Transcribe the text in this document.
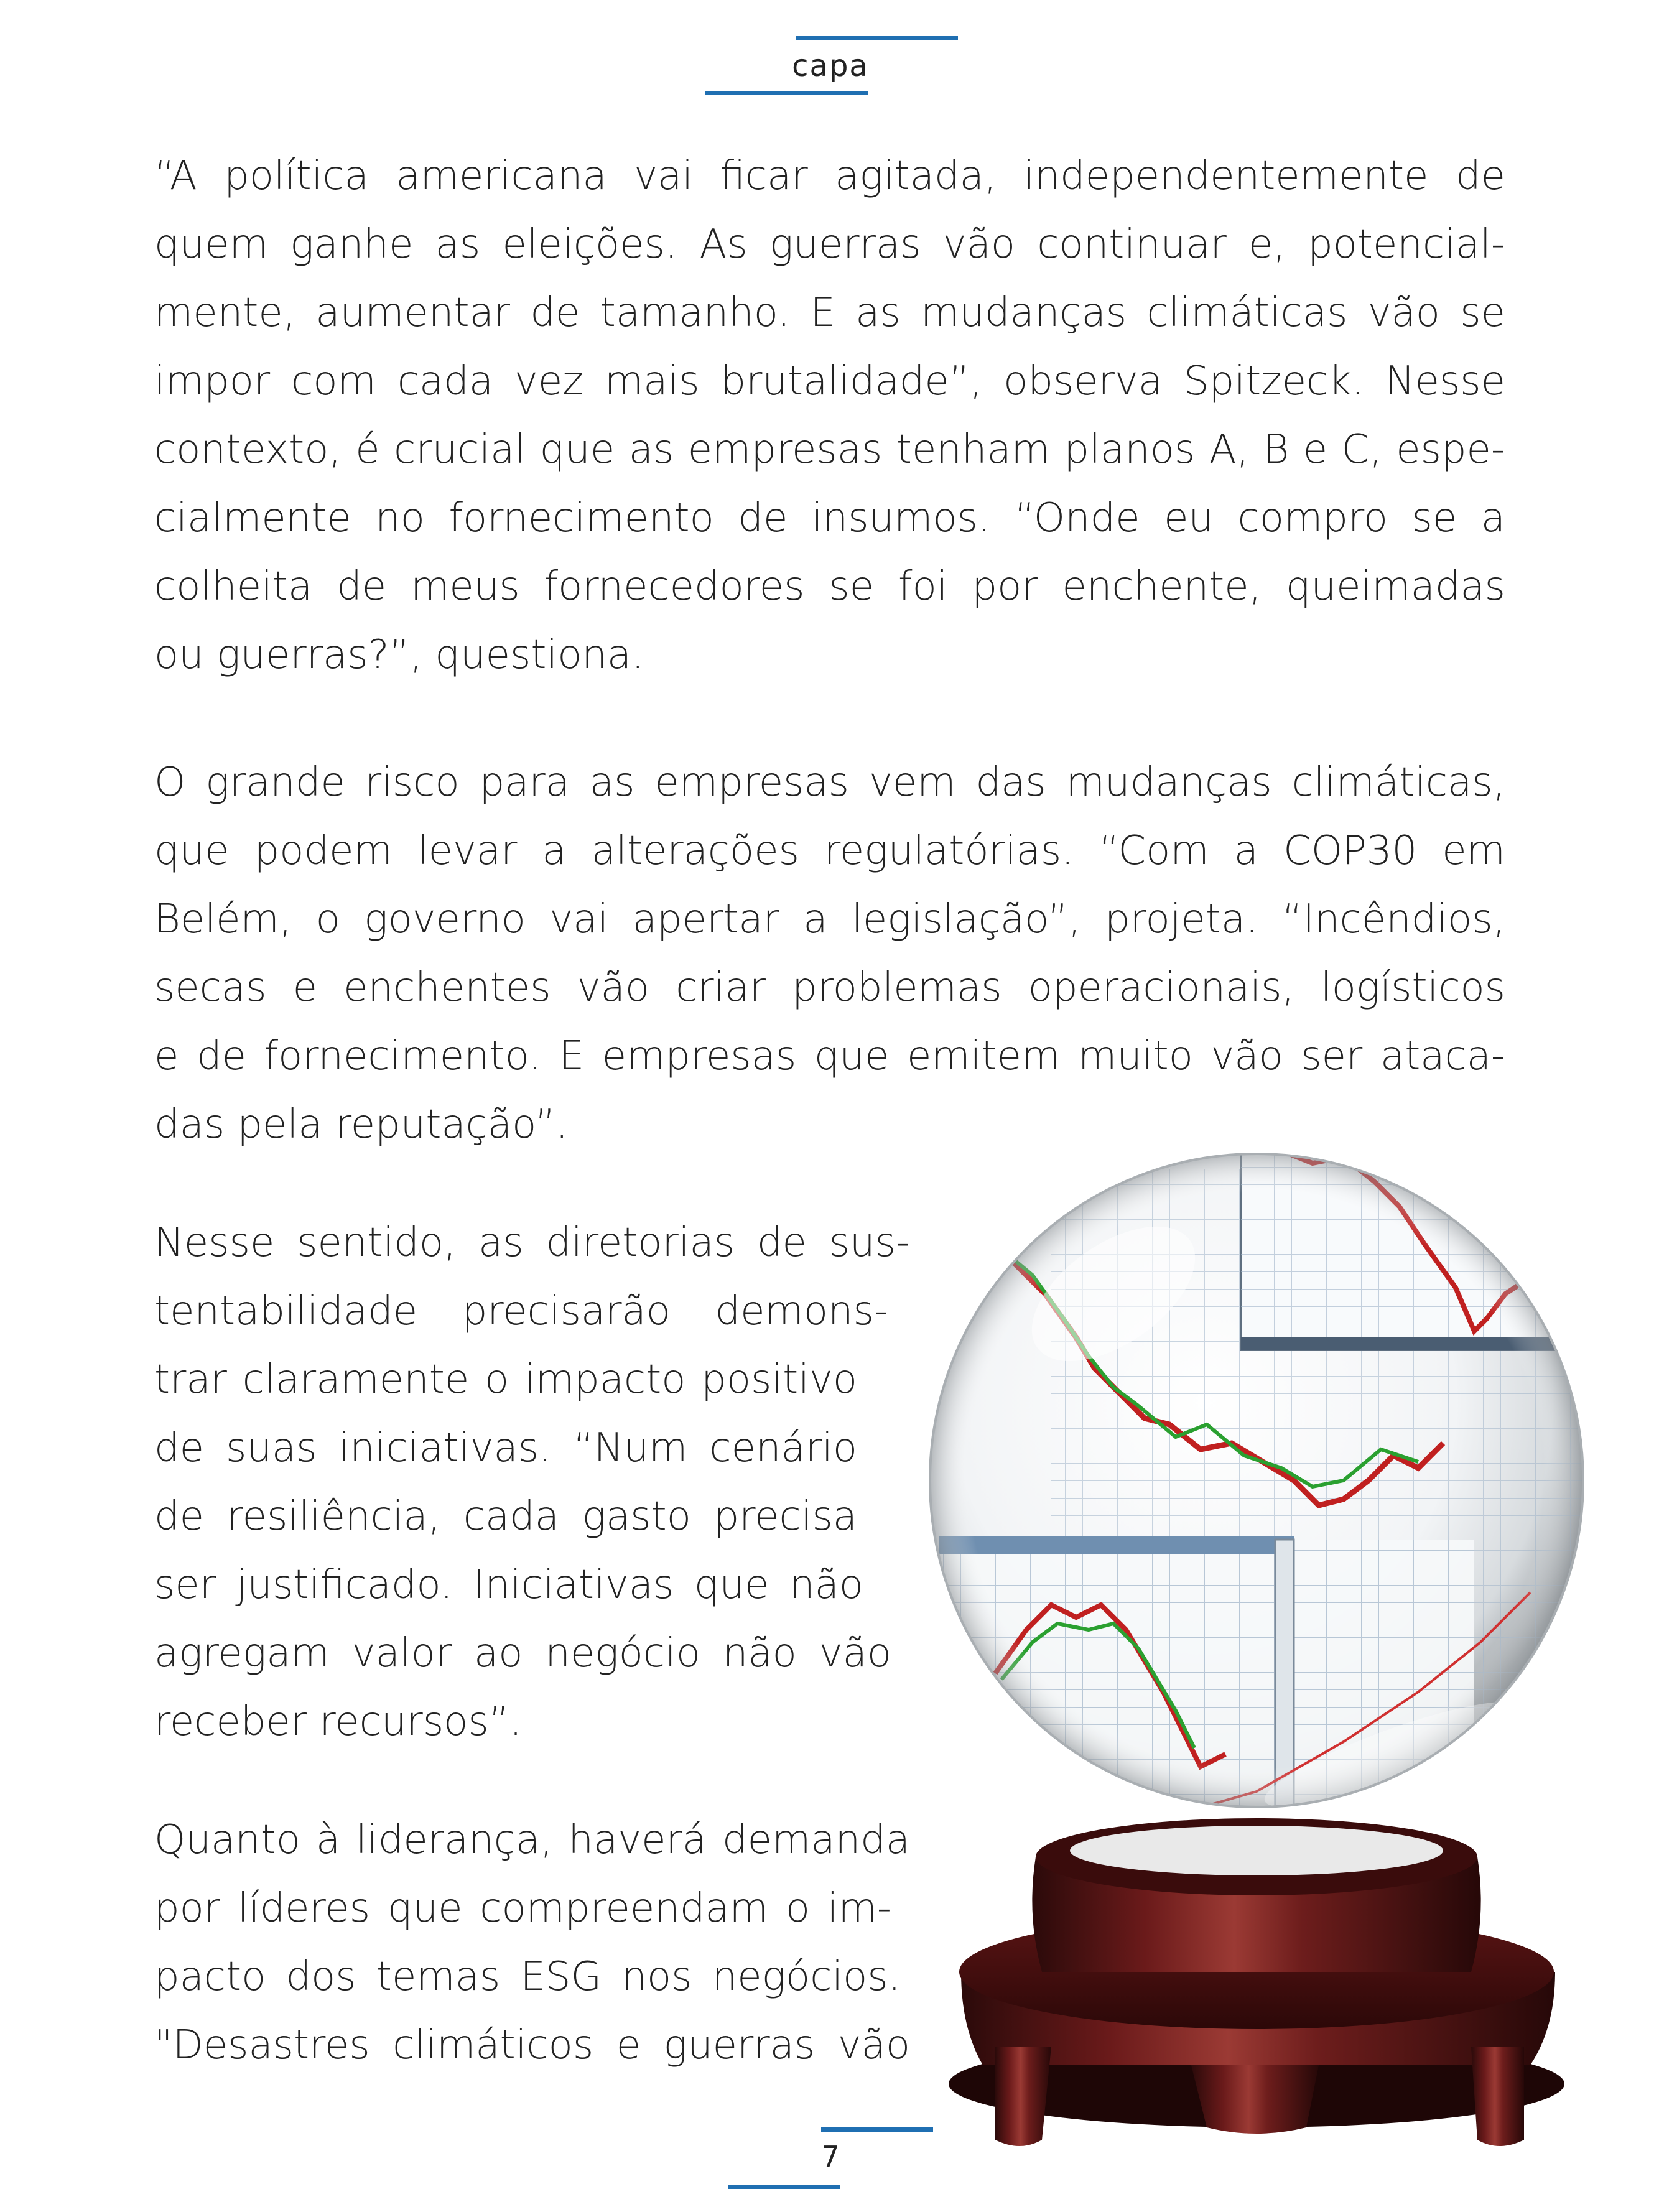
capa

“A política americana vai ficar agitada, independentemente de
quem ganhe as eleições. As guerras vão continuar e, potencial-
mente, aumentar de tamanho. E as mudanças climáticas vão se
impor com cada vez mais brutalidade”, observa Spitzeck. Nesse
contexto, é crucial que as empresas tenham planos A, B e C, espe-
cialmente no fornecimento de insumos. “Onde eu compro se a
colheita de meus fornecedores se foi por enchente, queimadas
ou guerras?”, questiona.

O grande risco para as empresas vem das mudanças climáticas,
que podem levar a alterações regulatórias. “Com a COP30 em
Belém, o governo vai apertar a legislação”, projeta. “Incêndios,
secas e enchentes vão criar problemas operacionais, logísticos
e de fornecimento. E empresas que emitem muito vão ser ataca-
das pela reputação”.

Nesse sentido, as diretorias de sus-
tentabilidade precisarão demons-
trar claramente o impacto positivo
de suas iniciativas. “Num cenário
de resiliência, cada gasto precisa
ser justificado. Iniciativas que não
agregam valor ao negócio não vão
receber recursos”.

Quanto à liderança, haverá demanda
por líderes que compreendam o im-
pacto dos temas ESG nos negócios.
"Desastres climáticos e guerras vão

7
